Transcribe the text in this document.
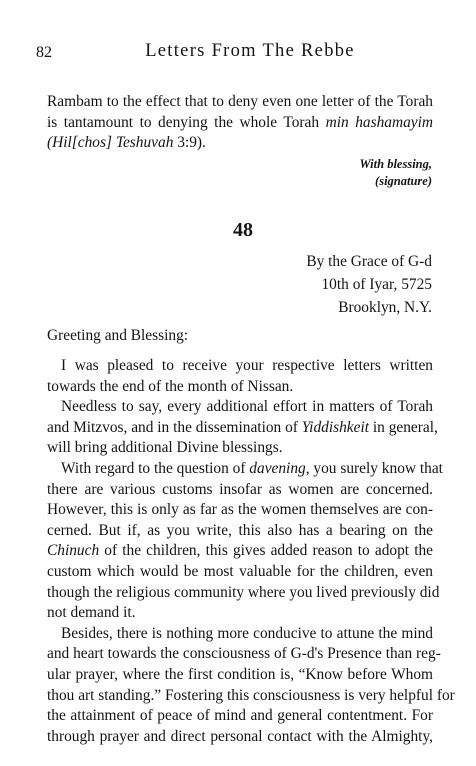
82	Letters From The Rebbe
Rambam to the effect that to deny even one letter of the Torah
is tantamount to denying the whole Torah min hashamayim
(Hil[chos] Teshuvah 3:9).
With blessing,
(signature)
48
By the Grace of G-d
10th of Iyar, 5725
Brooklyn, N.Y.
Greeting and Blessing:
I was pleased to receive your respective letters written
towards the end of the month of Nissan.
Needless to say, every additional effort in matters of Torah
and Mitzvos, and in the dissemination of Yiddishkeit in general,
will bring additional Divine blessings.
With regard to the question of davening, you surely know that
there are various customs insofar as women are concerned.
However, this is only as far as the women themselves are con-
cerned. But if, as you write, this also has a bearing on the
Chinuch of the children, this gives added reason to adopt the
custom which would be most valuable for the children, even
though the religious community where you lived previously did
not demand it.
Besides, there is nothing more conducive to attune the mind
and heart towards the consciousness of G-d's Presence than reg-
ular prayer, where the first condition is, “Know before Whom
thou art standing.” Fostering this consciousness is very helpful for
the attainment of peace of mind and general contentment. For
through prayer and direct personal contact with the Almighty,
